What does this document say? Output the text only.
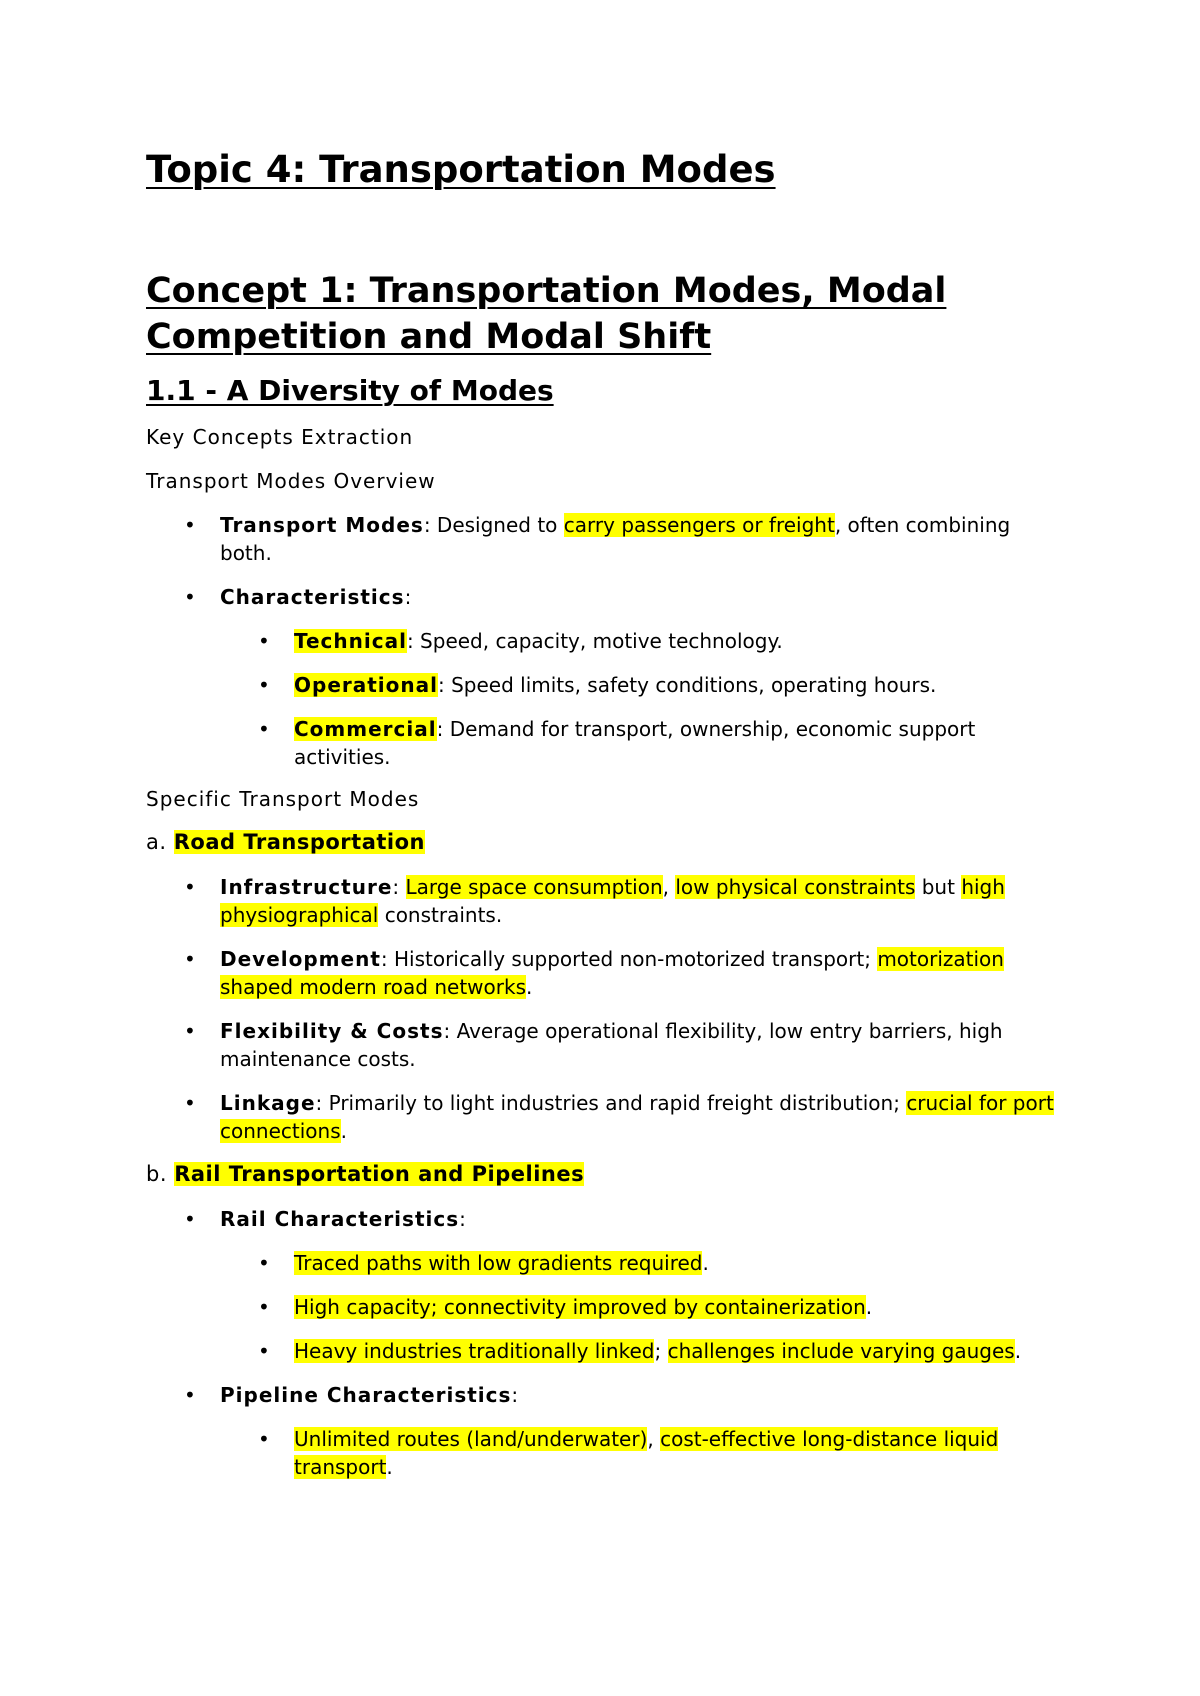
Topic 4: Transportation Modes
Concept 1: Transportation Modes, Modal
Competition and Modal Shift
1.1 - A Diversity of Modes

Key Concepts Extraction

Transport Modes Overview

• Transport Modes: Designed to carry passengers or freight, often combining both.
• Characteristics:
• Technical: Speed, capacity, motive technology.
• Operational: Speed limits, safety conditions, operating hours.
• Commercial: Demand for transport, ownership, economic support activities.

Specific Transport Modes

a. Road Transportation

• Infrastructure: Large space consumption, low physical constraints but high physiographical constraints.
• Development: Historically supported non-motorized transport; motorization shaped modern road networks.
• Flexibility & Costs: Average operational flexibility, low entry barriers, high maintenance costs.
• Linkage: Primarily to light industries and rapid freight distribution; crucial for port connections.

b. Rail Transportation and Pipelines

• Rail Characteristics:
• Traced paths with low gradients required.
• High capacity; connectivity improved by containerization.
• Heavy industries traditionally linked; challenges include varying gauges.
• Pipeline Characteristics:
• Unlimited routes (land/underwater), cost-effective long-distance liquid transport.
